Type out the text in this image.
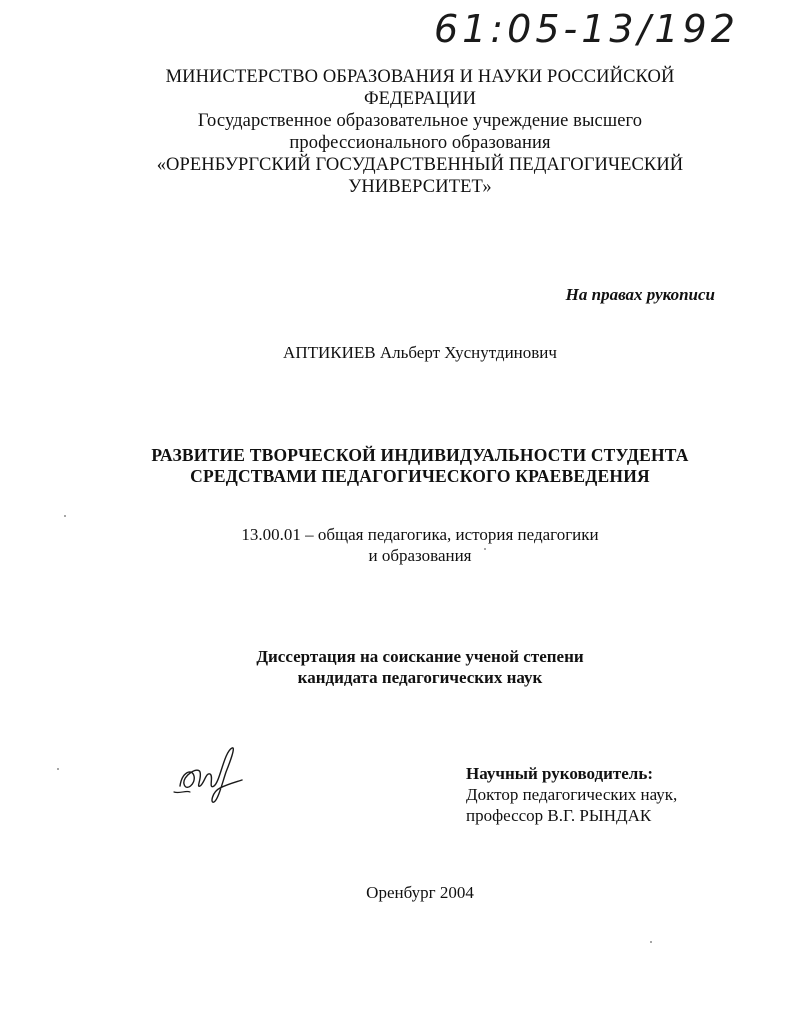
61:05-13/192
МИНИСТЕРСТВО ОБРАЗОВАНИЯ И НАУКИ РОССИЙСКОЙ
ФЕДЕРАЦИИ
Государственное образовательное учреждение высшего
профессионального образования
«ОРЕНБУРГСКИЙ ГОСУДАРСТВЕННЫЙ ПЕДАГОГИЧЕСКИЙ
УНИВЕРСИТЕТ»
На правах рукописи
АПТИКИЕВ Альберт Хуснутдинович
РАЗВИТИЕ ТВОРЧЕСКОЙ ИНДИВИДУАЛЬНОСТИ СТУДЕНТА
СРЕДСТВАМИ ПЕДАГОГИЧЕСКОГО КРАЕВЕДЕНИЯ
13.00.01 – общая педагогика, история педагогики
и образования
Диссертация на соискание ученой степени
кандидата педагогических наук
Научный руководитель:
Доктор педагогических наук,
профессор В.Г. РЫНДАК
Оренбург 2004
